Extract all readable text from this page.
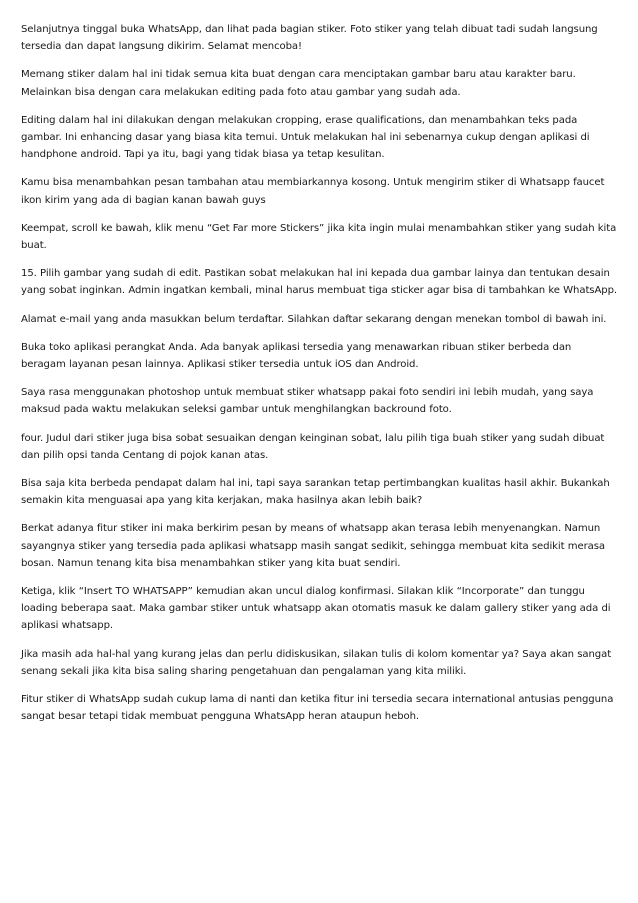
Selanjutnya tinggal buka WhatsApp, dan lihat pada bagian stiker. Foto stiker yang telah dibuat tadi sudah langsung tersedia dan dapat langsung dikirim. Selamat mencoba!

Memang stiker dalam hal ini tidak semua kita buat dengan cara menciptakan gambar baru atau karakter baru. Melainkan bisa dengan cara melakukan editing pada foto atau gambar yang sudah ada.

Editing dalam hal ini dilakukan dengan melakukan cropping, erase qualifications, dan menambahkan teks pada gambar. Ini enhancing dasar yang biasa kita temui. Untuk melakukan hal ini sebenarnya cukup dengan aplikasi di handphone android. Tapi ya itu, bagi yang tidak biasa ya tetap kesulitan.

Kamu bisa menambahkan pesan tambahan atau membiarkannya kosong. Untuk mengirim stiker di Whatsapp faucet ikon kirim yang ada di bagian kanan bawah guys

Keempat, scroll ke bawah, klik menu “Get Far more Stickers” jika kita ingin mulai menambahkan stiker yang sudah kita buat.

15. Pilih gambar yang sudah di edit. Pastikan sobat melakukan hal ini kepada dua gambar lainya dan tentukan desain yang sobat inginkan. Admin ingatkan kembali, minal harus membuat tiga sticker agar bisa di tambahkan ke WhatsApp.

Alamat e-mail yang anda masukkan belum terdaftar. Silahkan daftar sekarang dengan menekan tombol di bawah ini.

Buka toko aplikasi perangkat Anda. Ada banyak aplikasi tersedia yang menawarkan ribuan stiker berbeda dan beragam layanan pesan lainnya. Aplikasi stiker tersedia untuk iOS dan Android.

Saya rasa menggunakan photoshop untuk membuat stiker whatsapp pakai foto sendiri ini lebih mudah, yang saya maksud pada waktu melakukan seleksi gambar untuk menghilangkan backround foto.

four. Judul dari stiker juga bisa sobat sesuaikan dengan keinginan sobat, lalu pilih tiga buah stiker yang sudah dibuat dan pilih opsi tanda Centang di pojok kanan atas.

Bisa saja kita berbeda pendapat dalam hal ini, tapi saya sarankan tetap pertimbangkan kualitas hasil akhir. Bukankah semakin kita menguasai apa yang kita kerjakan, maka hasilnya akan lebih baik?

Berkat adanya fitur stiker ini maka berkirim pesan by means of whatsapp akan terasa lebih menyenangkan. Namun sayangnya stiker yang tersedia pada aplikasi whatsapp masih sangat sedikit, sehingga membuat kita sedikit merasa bosan. Namun tenang kita bisa menambahkan stiker yang kita buat sendiri.

Ketiga, klik “Insert TO WHATSAPP” kemudian akan uncul dialog konfirmasi. Silakan klik “Incorporate” dan tunggu loading beberapa saat. Maka gambar stiker untuk whatsapp akan otomatis masuk ke dalam gallery stiker yang ada di aplikasi whatsapp.

Jika masih ada hal-hal yang kurang jelas dan perlu didiskusikan, silakan tulis di kolom komentar ya? Saya akan sangat senang sekali jika kita bisa saling sharing pengetahuan dan pengalaman yang kita miliki.

Fitur stiker di WhatsApp sudah cukup lama di nanti dan ketika fitur ini tersedia secara international antusias pengguna sangat besar tetapi tidak membuat pengguna WhatsApp heran ataupun heboh.
